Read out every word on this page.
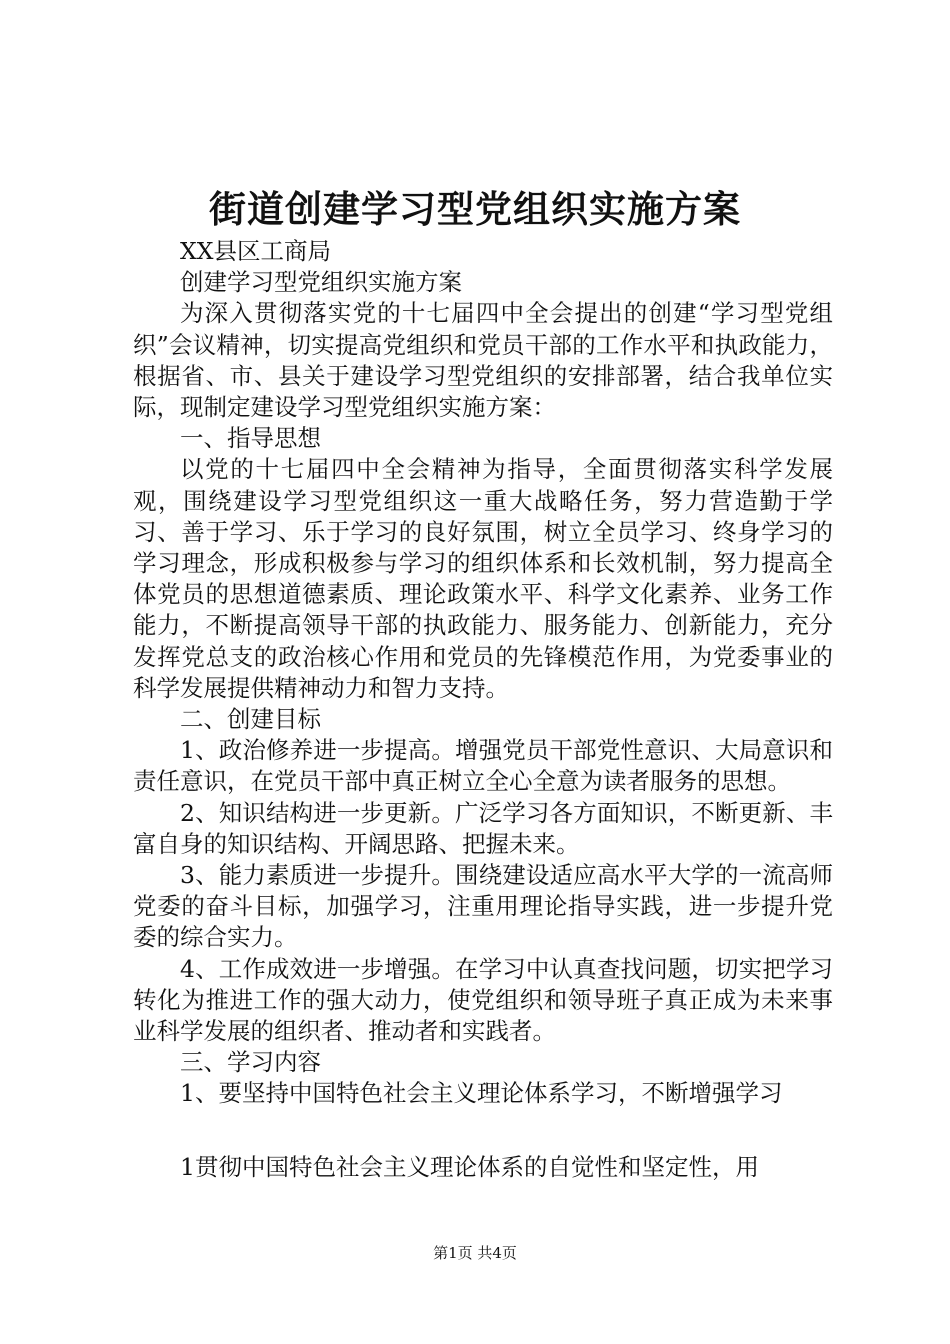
街道创建学习型党组织实施方案

XX县区工商局

创建学习型党组织实施方案

为深入贯彻落实党的十七届四中全会提出的创建“学习型党组织”会议精神，切实提高党组织和党员干部的工作水平和执政能力，根据省、市、县关于建设学习型党组织的安排部署，结合我单位实际，现制定建设学习型党组织实施方案：

一、指导思想

以党的十七届四中全会精神为指导，全面贯彻落实科学发展观，围绕建设学习型党组织这一重大战略任务，努力营造勤于学习、善于学习、乐于学习的良好氛围，树立全员学习、终身学习的学习理念，形成积极参与学习的组织体系和长效机制，努力提高全体党员的思想道德素质、理论政策水平、科学文化素养、业务工作能力，不断提高领导干部的执政能力、服务能力、创新能力，充分发挥党总支的政治核心作用和党员的先锋模范作用，为党委事业的科学发展提供精神动力和智力支持。

二、创建目标

1、政治修养进一步提高。增强党员干部党性意识、大局意识和责任意识，在党员干部中真正树立全心全意为读者服务的思想。

2、知识结构进一步更新。广泛学习各方面知识，不断更新、丰富自身的知识结构、开阔思路、把握未来。

3、能力素质进一步提升。围绕建设适应高水平大学的一流高师党委的奋斗目标，加强学习，注重用理论指导实践，进一步提升党委的综合实力。

4、工作成效进一步增强。在学习中认真查找问题，切实把学习转化为推进工作的强大动力，使党组织和领导班子真正成为未来事业科学发展的组织者、推动者和实践者。

三、学习内容

1、要坚持中国特色社会主义理论体系学习，不断增强学习

1贯彻中国特色社会主义理论体系的自觉性和坚定性，用

第1页 共4页
